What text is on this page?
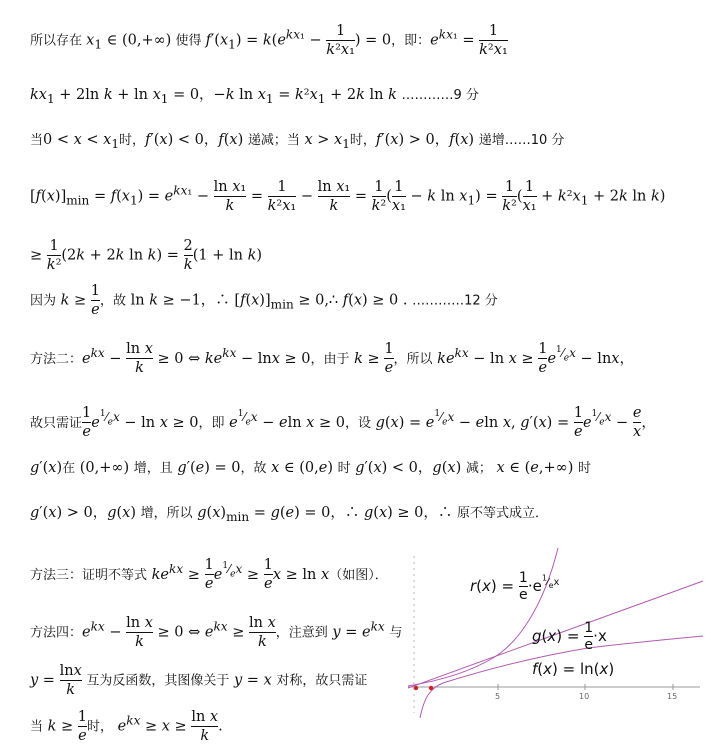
所以存在 $x_1$ ∈ (0,+∞) 使得 $f'(x_1) = k(e^{kx_1} - \frac{1}{\text{k²x₁}}$ ) = 0，即：$e^{kx_1} = \frac{1}{\text{k²x₁}}$
$kx_1 + 2\ln$ $k + \ln x_1 = 0$，−k $\ln x_1 = k^2x_1 + 2k$ ln k …………9 分
当$0 < x < x_1$时，f′(x) < 0，f(x) 递减；当 $x > x_1$时，f′(x) > 0，f(x) 递增……10 分
$[f(x)]_{min} = f(x_1) = e^{kx_1} - \frac{\text{ln x₁}}{k} = \frac{1}{\text{k²x₁}} - \frac{\text{ln x₁}}{k} = \frac{1}{\text{k²}}$ ( $\frac{1}{\text{x₁}} - k$ $\ln x_1) = \frac{1}{\text{k²}}$ ( $\frac{1}{\text{x₁}} + k^2x_1 + 2k$ ln k)
≥ $\frac{1}{\text{k²}} (2k + 2k$ $\ln k) = \frac{2}{k} (1 + \ln k)$
因为 $k \ge \frac{1}{e}$ ，故 ln k ≥ −1，∴ $[f(x)]_{min}$ ≥ 0,∴ f(x) ≥ 0 . …………12 分
方法二：$e^{kx} - \frac{\text{ln x}}{k} \ge 0$ ⇔ $ke^{kx} - \ln x \ge 0$，由于 $k \ge \frac{1}{e}$ ，所以 $ke^{kx} - \ln x \ge \frac{1}{e} e^{^1⁄_ex} - \ln x$，
故只需证 $\frac{1}{e} e^{^1⁄_ex} - \ln x \ge 0$，即 $e^{^1⁄_ex} - eln$ x ≥ 0，设 $g(x) = e^{^1⁄_ex} - eln$ x, $g'(x) = \frac{1}{e} e^{^1⁄_ex} - \frac{e}{x}$ ，
g′(x)在 (0,+∞) 增，且 g′(e) = 0，故 x ∈ (0,e) 时 g′(x) < 0，g(x) 减； x ∈ (e,+∞) 时
g′(x) > 0，g(x) 增，所以 $g(x)_{min} = g(e) = 0$，∴ g(x) ≥ 0，∴ 原不等式成立．
方法三：证明不等式 $ke^{kx} \ge \frac{1}{e} e^{^1⁄_ex} \ge \frac{1}{e}$ x ≥ ln x（如图）．
方法四：$e^{kx} - \frac{\text{ln x}}{k} \ge 0$ ⇔ $e^{kx} \ge \frac{\text{ln x}}{k}$ ，注意到 $y = e^{kx}$ 与
$y = \frac{\ln x}{k}$ 互为反函数，其图像关于 y = x 对称，故只需证
当 $k \ge \frac{1}{e}$ 时， $e^{kx} \ge x \ge \frac{\text{ln x}}{k}$ .
5	10	15
$r(x) = \frac{1}{e} \cdot e^{^1⁄_ex}$
$g(x) = \frac{1}{e} \cdot x$
f(x) = ln(x)
